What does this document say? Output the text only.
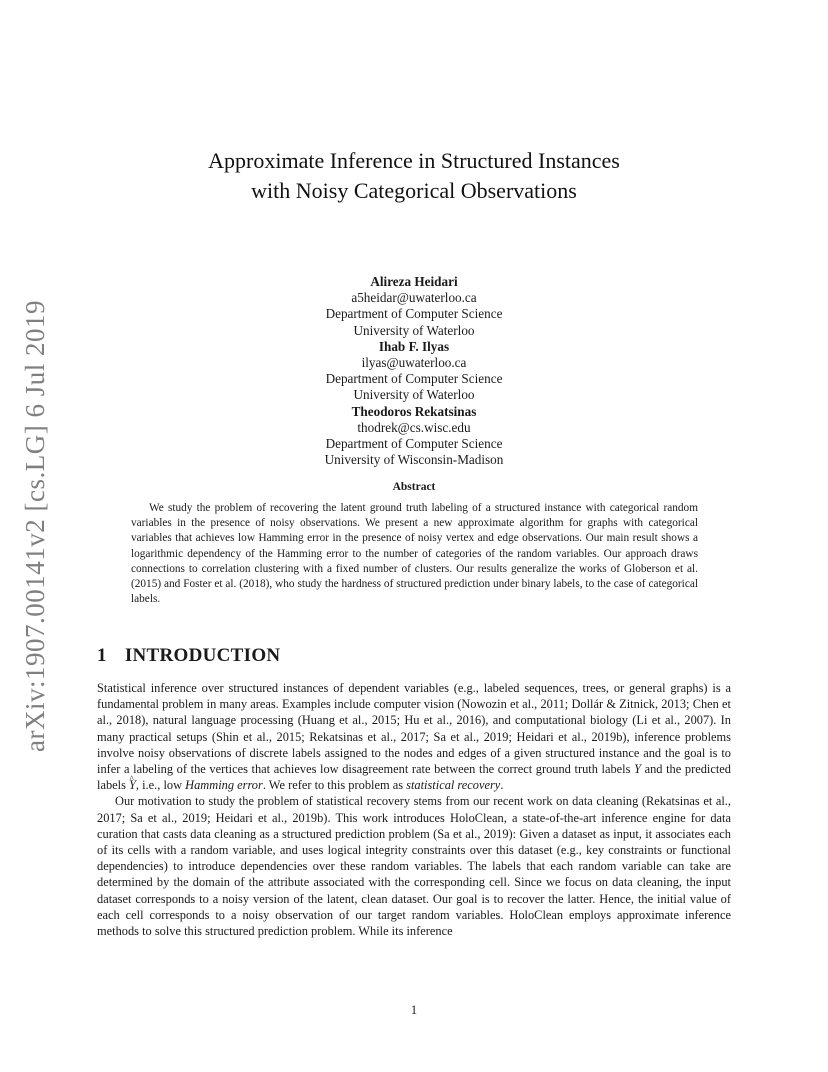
arXiv:1907.00141v2 [cs.LG] 6 Jul 2019
Approximate Inference in Structured Instances
with Noisy Categorical Observations
Alireza Heidari
a5heidar@uwaterloo.ca
Department of Computer Science
University of Waterloo
Ihab F. Ilyas
ilyas@uwaterloo.ca
Department of Computer Science
University of Waterloo
Theodoros Rekatsinas
thodrek@cs.wisc.edu
Department of Computer Science
University of Wisconsin-Madison
Abstract
We study the problem of recovering the latent ground truth labeling of a structured instance with categorical random variables in the presence of noisy observations. We present a new approximate algorithm for graphs with categorical variables that achieves low Hamming error in the presence of noisy vertex and edge observations. Our main result shows a logarithmic dependency of the Hamming error to the number of categories of the random variables. Our approach draws connections to correlation clustering with a fixed number of clusters. Our results generalize the works of Globerson et al. (2015) and Foster et al. (2018), who study the hardness of structured prediction under binary labels, to the case of categorical labels.
1 INTRODUCTION

Statistical inference over structured instances of dependent variables (e.g., labeled sequences, trees, or general graphs) is a fundamental problem in many areas. Examples include computer vision (Nowozin et al., 2011; Dollár & Zitnick, 2013; Chen et al., 2018), natural language processing (Huang et al., 2015; Hu et al., 2016), and computational biology (Li et al., 2007). In many practical setups (Shin et al., 2015; Rekatsinas et al., 2017; Sa et al., 2019; Heidari et al., 2019b), inference problems involve noisy observations of discrete labels assigned to the nodes and edges of a given structured instance and the goal is to infer a labeling of the vertices that achieves low disagreement rate between the correct ground truth labels Y and the predicted labels ^ Y, i.e., low Hamming error. We refer to this problem as statistical recovery.

Our motivation to study the problem of statistical recovery stems from our recent work on data cleaning (Rekatsinas et al., 2017; Sa et al., 2019; Heidari et al., 2019b). This work introduces HoloClean, a state-of-the-art inference engine for data curation that casts data cleaning as a structured prediction problem (Sa et al., 2019): Given a dataset as input, it associates each of its cells with a random variable, and uses logical integrity constraints over this dataset (e.g., key constraints or functional dependencies) to introduce dependencies over these random variables. The labels that each random variable can take are determined by the domain of the attribute associated with the corresponding cell. Since we focus on data cleaning, the input dataset corresponds to a noisy version of the latent, clean dataset. Our goal is to recover the latter. Hence, the initial value of each cell corresponds to a noisy observation of our target random variables. HoloClean employs approximate inference methods to solve this structured prediction problem. While its inference

1
